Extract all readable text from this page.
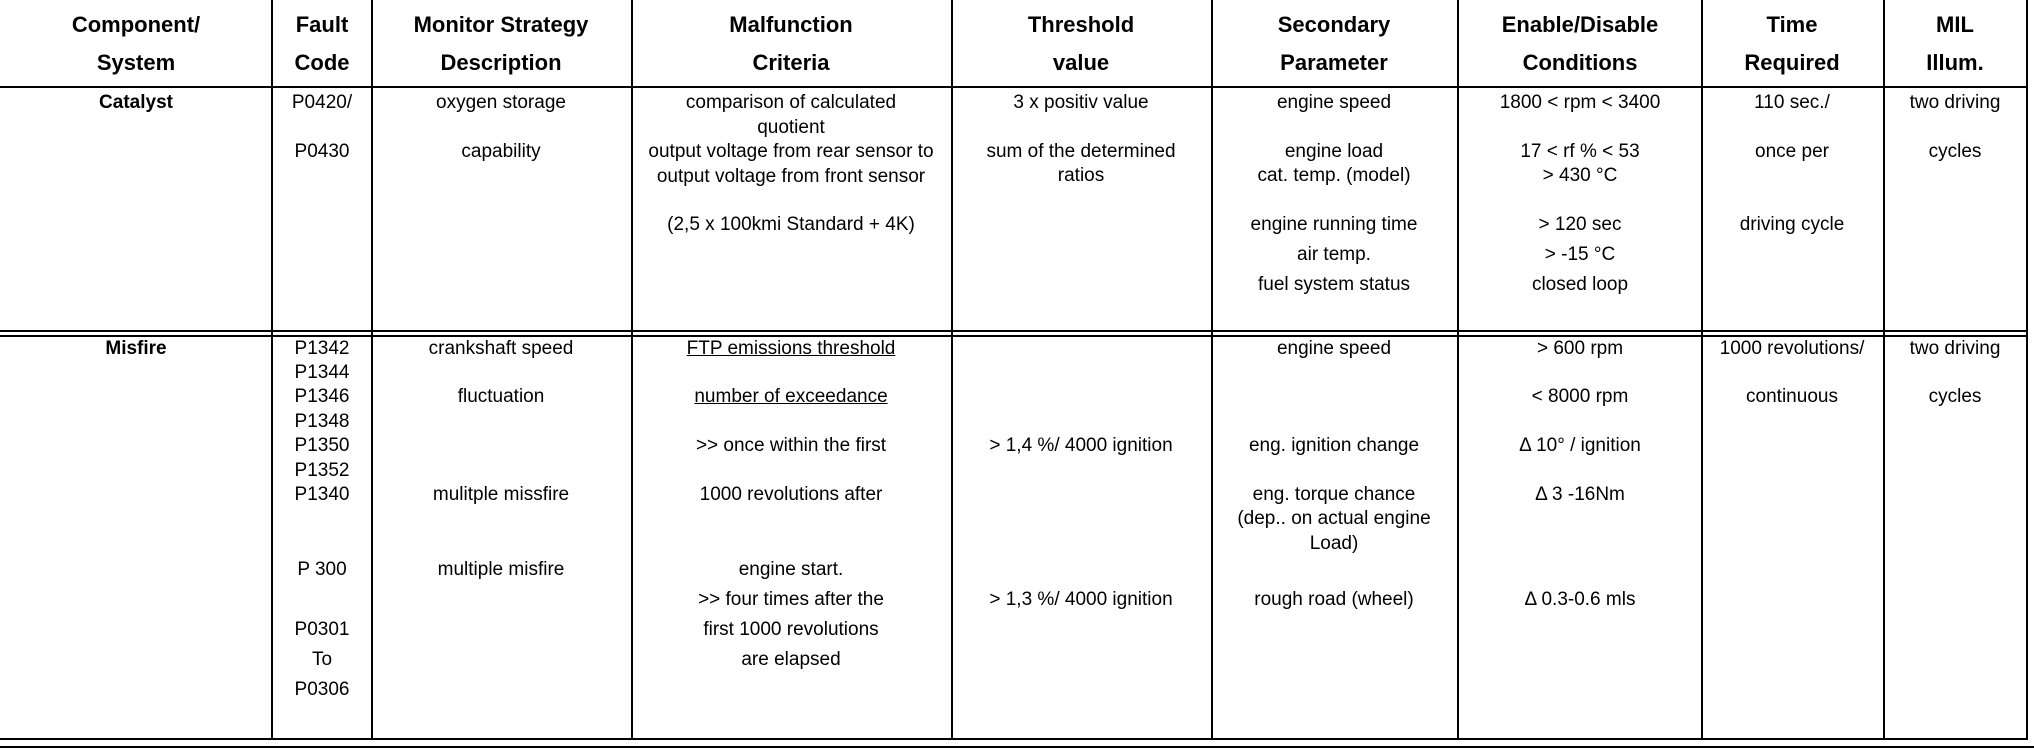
Component/
System
Fault
Code
Monitor Strategy
Description
Malfunction
Criteria
Threshold
value
Secondary
Parameter
Enable/Disable
Conditions
Time
Required
MIL
Illum.
Catalyst	P0420/
P0430
oxygen storage
capability
comparison of calculated quotient
output voltage from rear sensor to output voltage from front sensor
(2,5 x 100kmi Standard + 4K)
3 x positiv value
sum of the determined
ratios
engine speed
engine load
cat. temp. (model)
engine running time
air temp.
fuel system status
1800 < rpm < 3400
17 < rf % < 53
> 430 °C
> 120 sec
> -15 °C
closed loop
110 sec./
once per
driving cycle
two driving
cycles
Misfire	P1342
P1344
P1346
P1348
P1350
P1352
P1340
P 300
P0301
To
P0306
crankshaft speed
fluctuation
mulitple missfire
multiple misfire
FTP emissions threshold
number of exceedance
>> once within the first
1000 revolutions after
engine start.
>> four times after the
first 1000 revolutions
are elapsed
> 1,4 %/ 4000 ignition
> 1,3 %/ 4000 ignition
engine speed
eng. ignition change
eng. torque chance
(dep.. on actual engine Load)
rough road (wheel)
> 600 rpm
< 8000 rpm
Δ 10° / ignition
Δ 3 -16Nm
Δ 0.3-0.6 mls
1000 revolutions/
continuous
two driving
cycles
